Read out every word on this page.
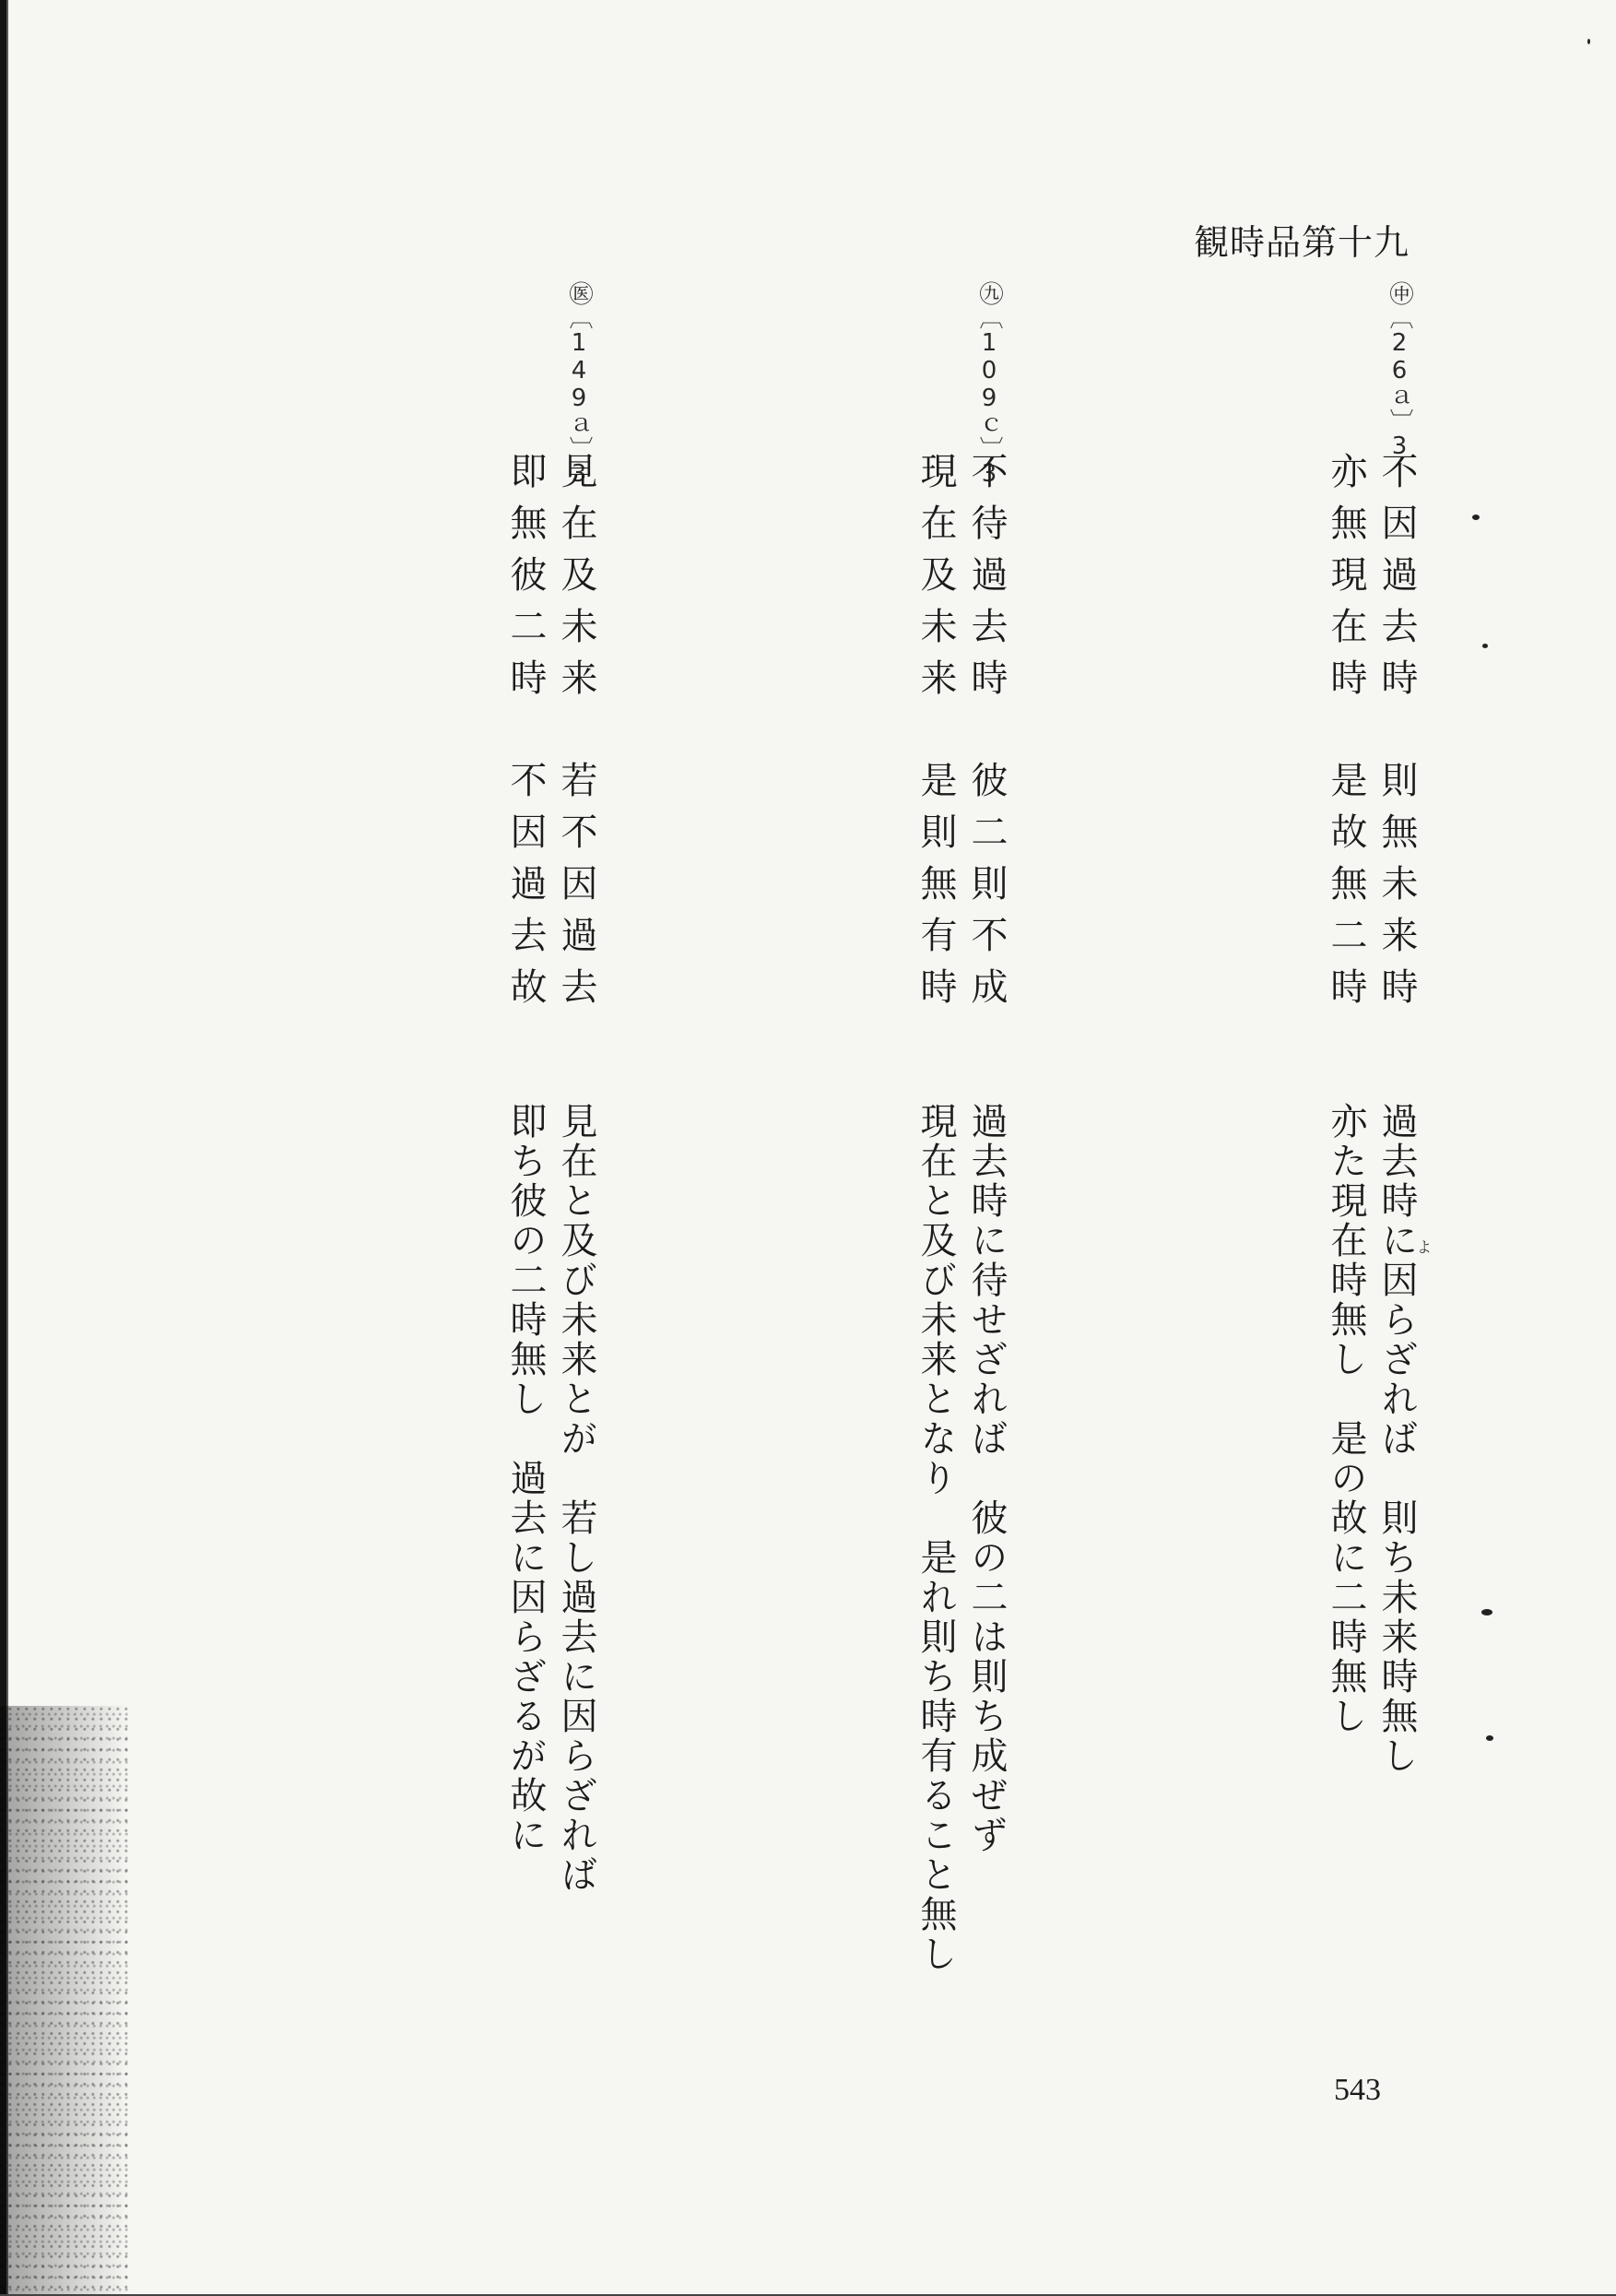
観時品第十九
㊥〔26ａ〕3
不因過去時
則無未来時
亦無現在時
是故無二時
過去時に因らざれば　則ち未来時無し
亦た現在時無し　是の故に二時無し	よ
㊈〔109ｃ〕3
不待過去時
彼二則不成
現在及未来
是則無有時
過去時に待せざれば　彼の二は則ち成ぜず
現在と及び未来となり　是れ則ち時有ること無し
㊩〔149ａ〕3
見在及未来
若不因過去
即無彼二時
不因過去故
見在と及び未来とが　若し過去に因らざれば
即ち彼の二時無し　過去に因らざるが故に
543
